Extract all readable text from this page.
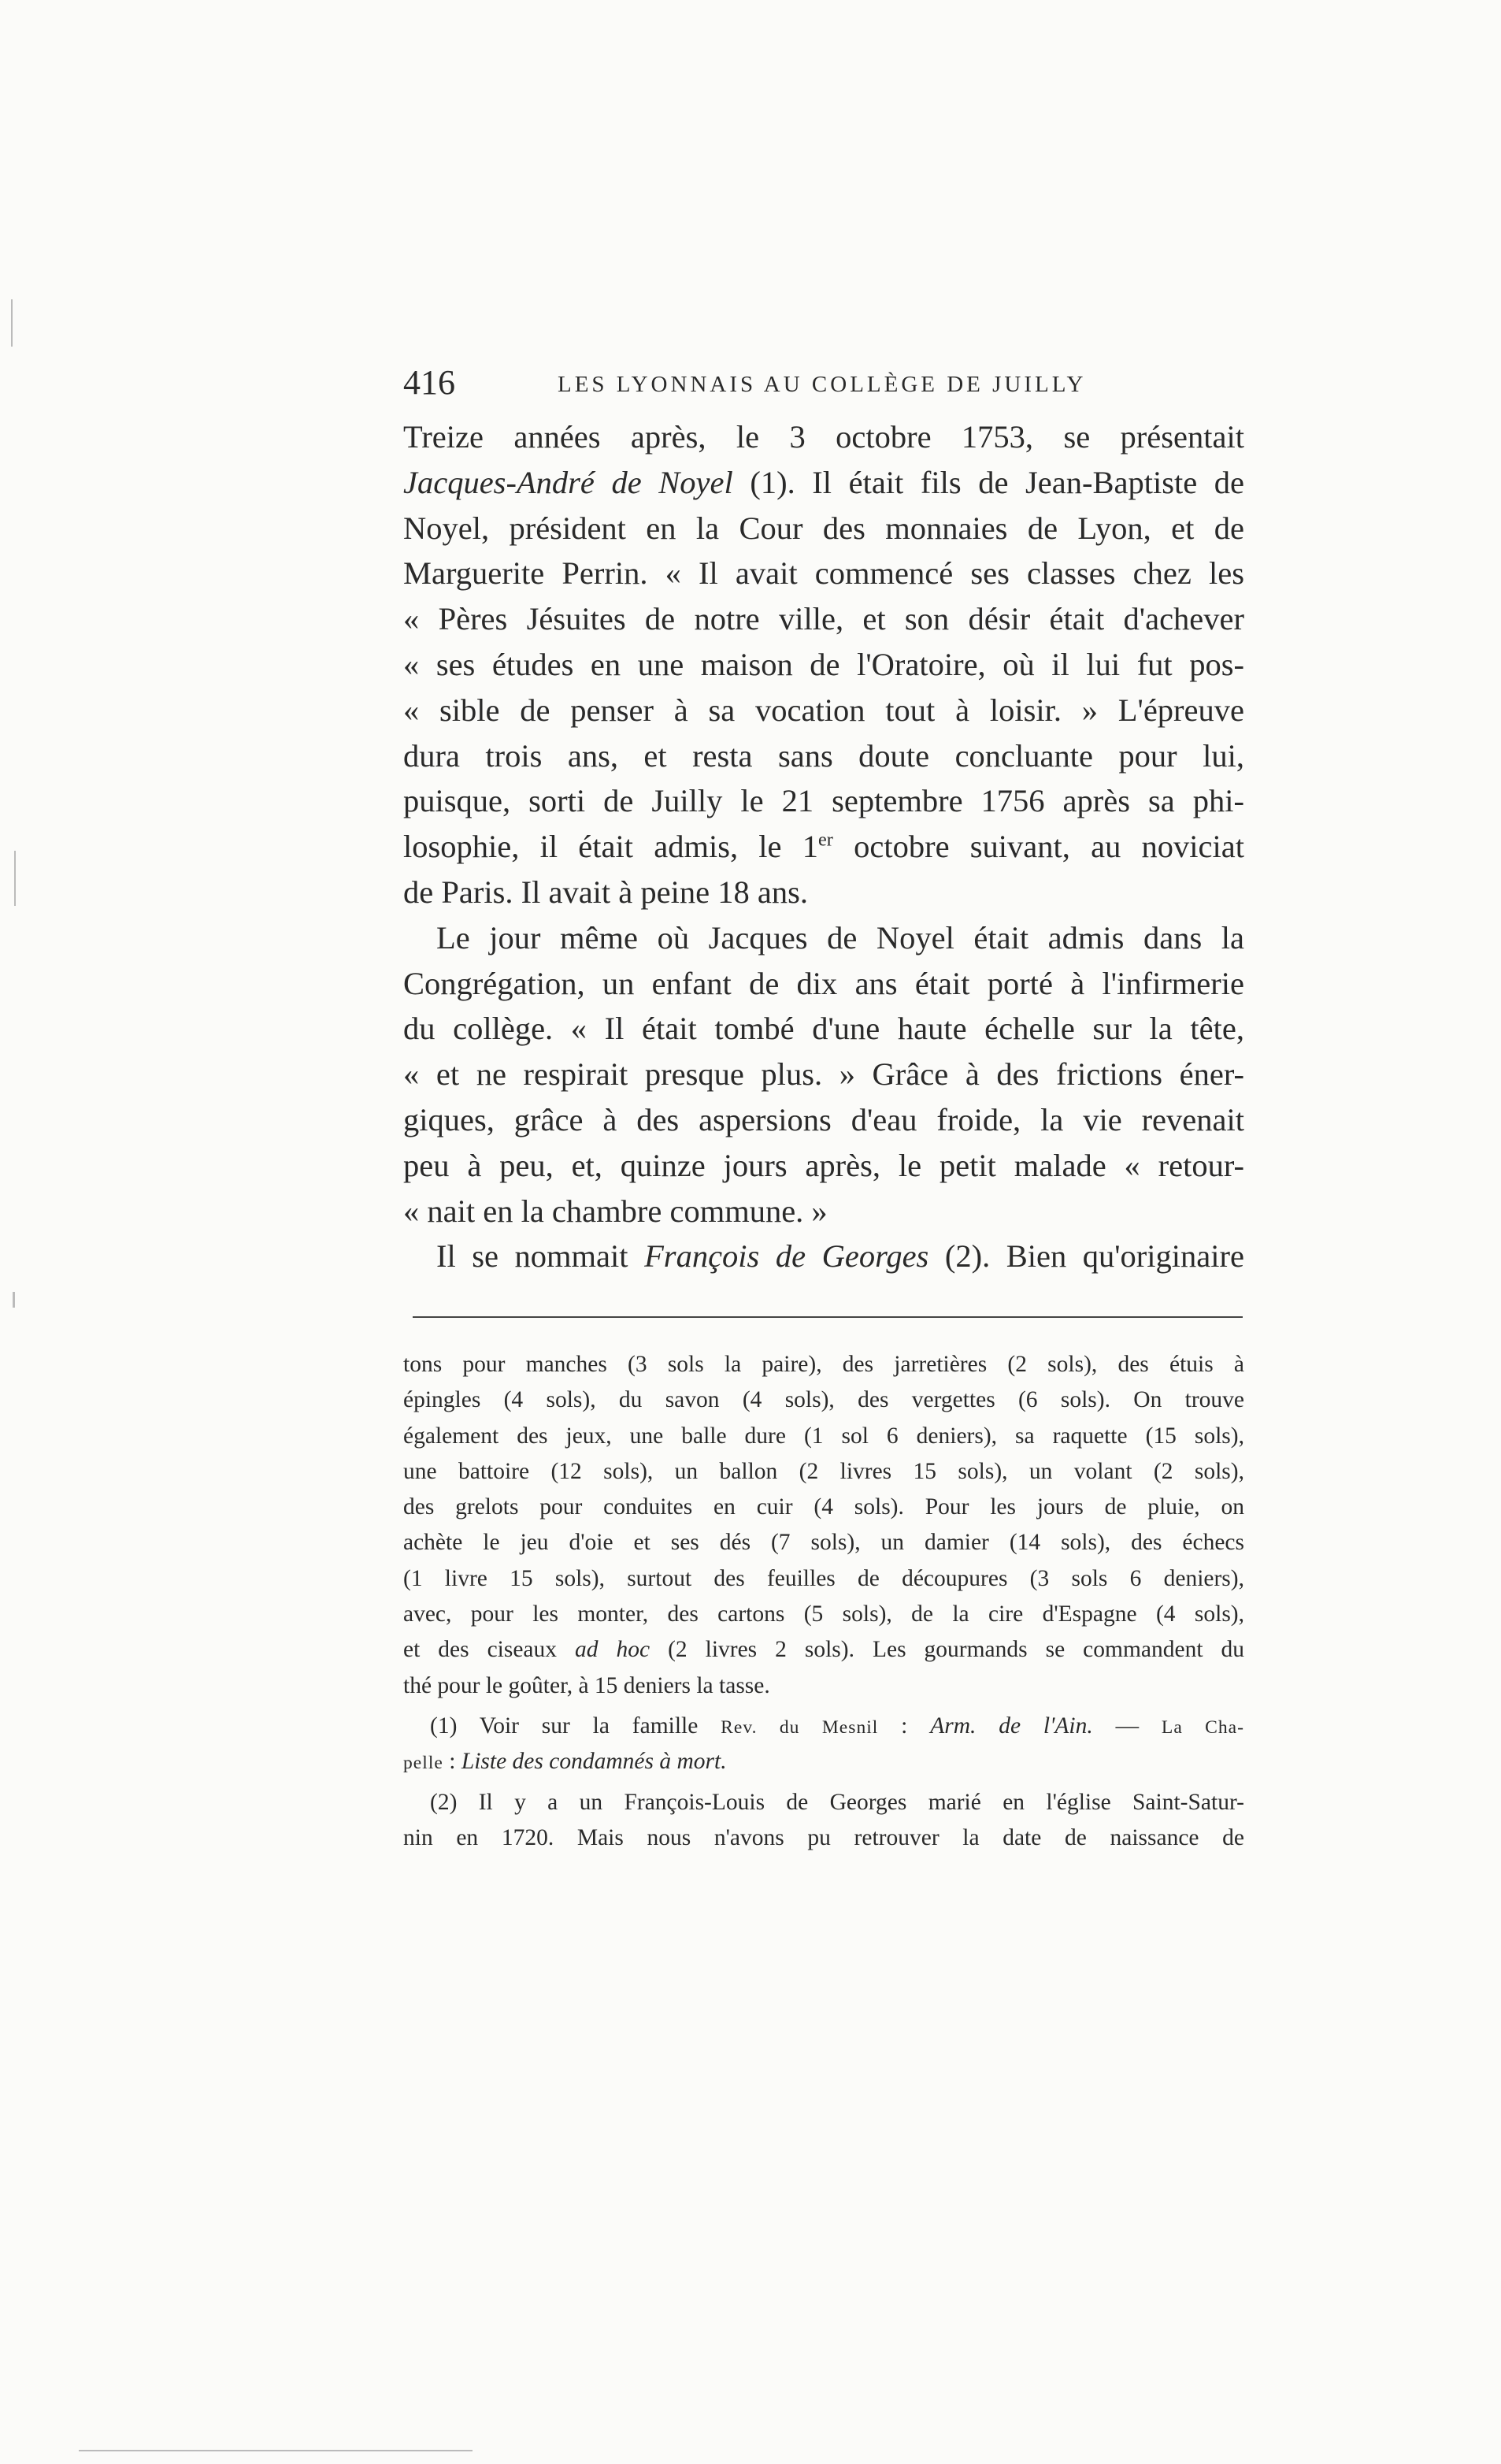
416	LES LYONNAIS AU COLLÈGE DE JUILLY
Treize années après, le 3 octobre 1753, se présentait
Jacques-André de Noyel (1). Il était fils de Jean-Baptiste de
Noyel, président en la Cour des monnaies de Lyon, et de
Marguerite Perrin. « Il avait commencé ses classes chez les
« Pères Jésuites de notre ville, et son désir était d'achever
« ses études en une maison de l'Oratoire, où il lui fut pos-
« sible de penser à sa vocation tout à loisir. » L'épreuve
dura trois ans, et resta sans doute concluante pour lui,
puisque, sorti de Juilly le 21 septembre 1756 après sa phi-
losophie, il était admis, le 1er octobre suivant, au noviciat
de Paris. Il avait à peine 18 ans.
Le jour même où Jacques de Noyel était admis dans la
Congrégation, un enfant de dix ans était porté à l'infirmerie
du collège. « Il était tombé d'une haute échelle sur la tête,
« et ne respirait presque plus. » Grâce à des frictions éner-
giques, grâce à des aspersions d'eau froide, la vie revenait
peu à peu, et, quinze jours après, le petit malade « retour-
« nait en la chambre commune. »
Il se nommait François de Georges (2). Bien qu'originaire
tons pour manches (3 sols la paire), des jarretières (2 sols), des étuis à
épingles (4 sols), du savon (4 sols), des vergettes (6 sols). On trouve
également des jeux, une balle dure (1 sol 6 deniers), sa raquette (15 sols),
une battoire (12 sols), un ballon (2 livres 15 sols), un volant (2 sols),
des grelots pour conduites en cuir (4 sols). Pour les jours de pluie, on
achète le jeu d'oie et ses dés (7 sols), un damier (14 sols), des échecs
(1 livre 15 sols), surtout des feuilles de découpures (3 sols 6 deniers),
avec, pour les monter, des cartons (5 sols), de la cire d'Espagne (4 sols),
et des ciseaux ad hoc (2 livres 2 sols). Les gourmands se commandent du
thé pour le goûter, à 15 deniers la tasse.
(1) Voir sur la famille Rev. du Mesnil : Arm. de l'Ain. — La Cha-
pelle : Liste des condamnés à mort.
(2) Il y a un François-Louis de Georges marié en l'église Saint-Satur-
nin en 1720. Mais nous n'avons pu retrouver la date de naissance de
